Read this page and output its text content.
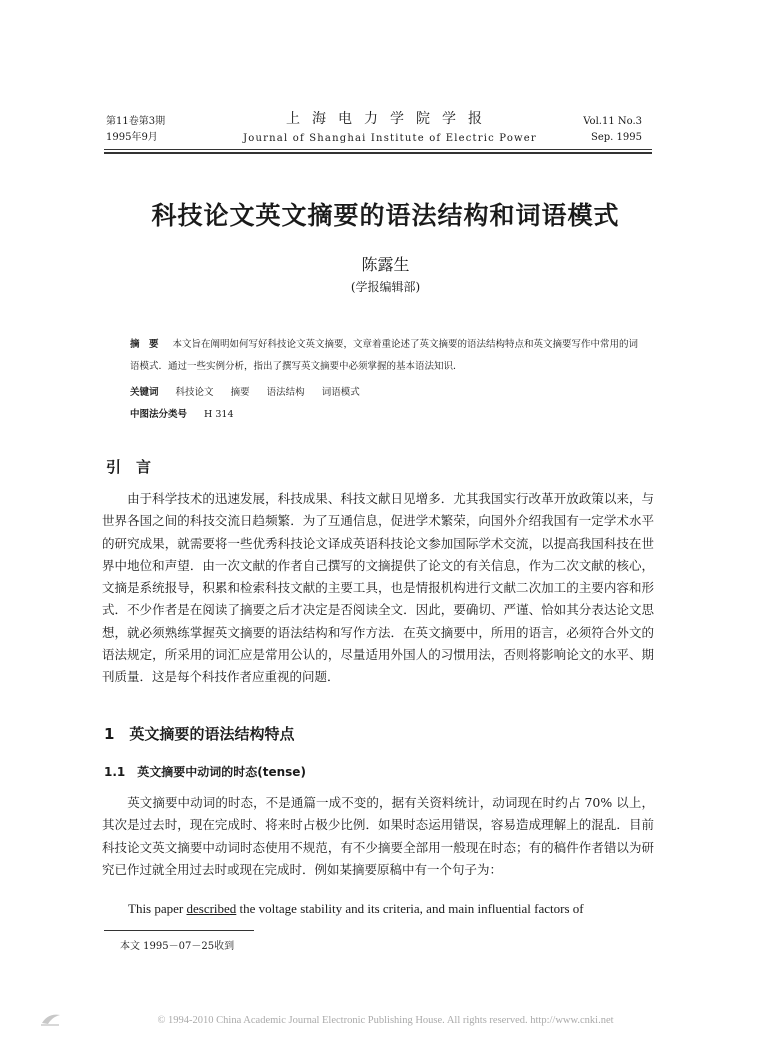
第11卷第3期
1995年9月
上海电力学院学报
Journal of Shanghai Institute of Electric Power
Vol.11 No.3
Sep. 1995
科技论文英文摘要的语法结构和词语模式
陈露生
(学报编辑部)
摘　要 本文旨在阐明如何写好科技论文英文摘要，文章着重论述了英文摘要的语法结构特点和英文摘要写作中常用的词语模式．通过一些实例分析，指出了撰写英文摘要中必须掌握的基本语法知识．
关键词 科技论文 摘要 语法结构 词语模式
中图法分类号 H 314
引　言
　　由于科学技术的迅速发展，科技成果、科技文献日见增多．尤其我国实行改革开放政策以来，与世界各国之间的科技交流日趋频繁．为了互通信息，促进学术繁荣，向国外介绍我国有一定学术水平的研究成果，就需要将一些优秀科技论文译成英语科技论文参加国际学术交流，以提高我国科技在世界中地位和声望．由一次文献的作者自己撰写的文摘提供了论文的有关信息，作为二次文献的核心，文摘是系统报导，积累和检索科技文献的主要工具，也是情报机构进行文献二次加工的主要内容和形式．不少作者是在阅读了摘要之后才决定是否阅读全文．因此，要确切、严谨、恰如其分表达论文思想，就必须熟练掌握英文摘要的语法结构和写作方法．在英文摘要中，所用的语言，必须符合外文的语法规定，所采用的词汇应是常用公认的，尽量适用外国人的习惯用法，否则将影响论文的水平、期刊质量．这是每个科技作者应重视的问题．
1　英文摘要的语法结构特点
1.1　英文摘要中动词的时态(tense)
　　英文摘要中动词的时态，不是通篇一成不变的，据有关资料统计，动词现在时约占 70% 以上，其次是过去时，现在完成时、将来时占极少比例．如果时态运用错误，容易造成理解上的混乱．目前科技论文英文摘要中动词时态使用不规范，有不少摘要全部用一般现在时态；有的稿件作者错以为研究已作过就全用过去时或现在完成时．例如某摘要原稿中有一个句子为：
This paper described the voltage stability and its criteria, and main influential factors of
本文 1995－07－25收到
© 1994-2010 China Academic Journal Electronic Publishing House. All rights reserved. http://www.cnki.net
